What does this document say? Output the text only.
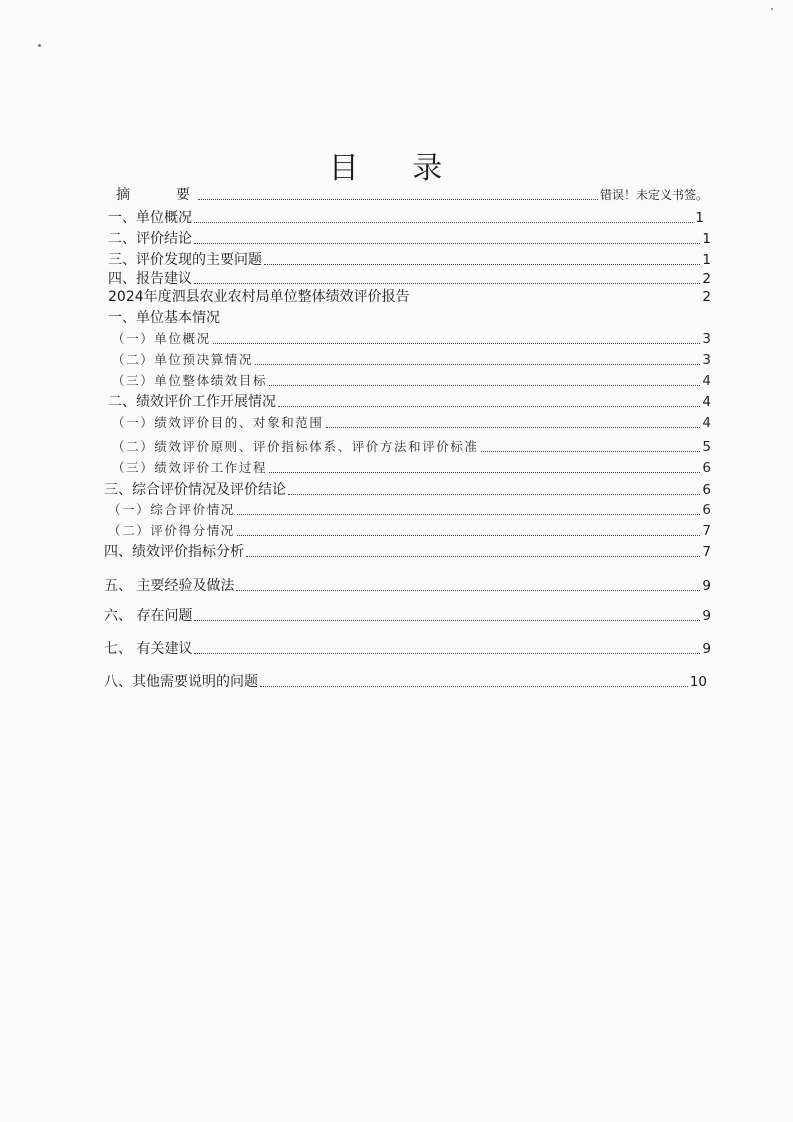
目 录
摘　　要	错误！未定义书签。
一、单位概况	1
二、评价结论	1
三、评价发现的主要问题	1
四、报告建议	2
2024年度泗县农业农村局单位整体绩效评价报告	2
一、单位基本情况
（一）单位概况	3
（二）单位预决算情况	3
（三）单位整体绩效目标	4
二、绩效评价工作开展情况	4
（一）绩效评价目的、对象和范围	4
（二）绩效评价原则、评价指标体系、评价方法和评价标准	5
（三）绩效评价工作过程	6
三、综合评价情况及评价结论	6
（一）综合评价情况	6
（二）评价得分情况	7
四、绩效评价指标分析	7
五、 主要经验及做法	9
六、 存在问题	9
七、 有关建议	9
八、其他需要说明的问题	10
